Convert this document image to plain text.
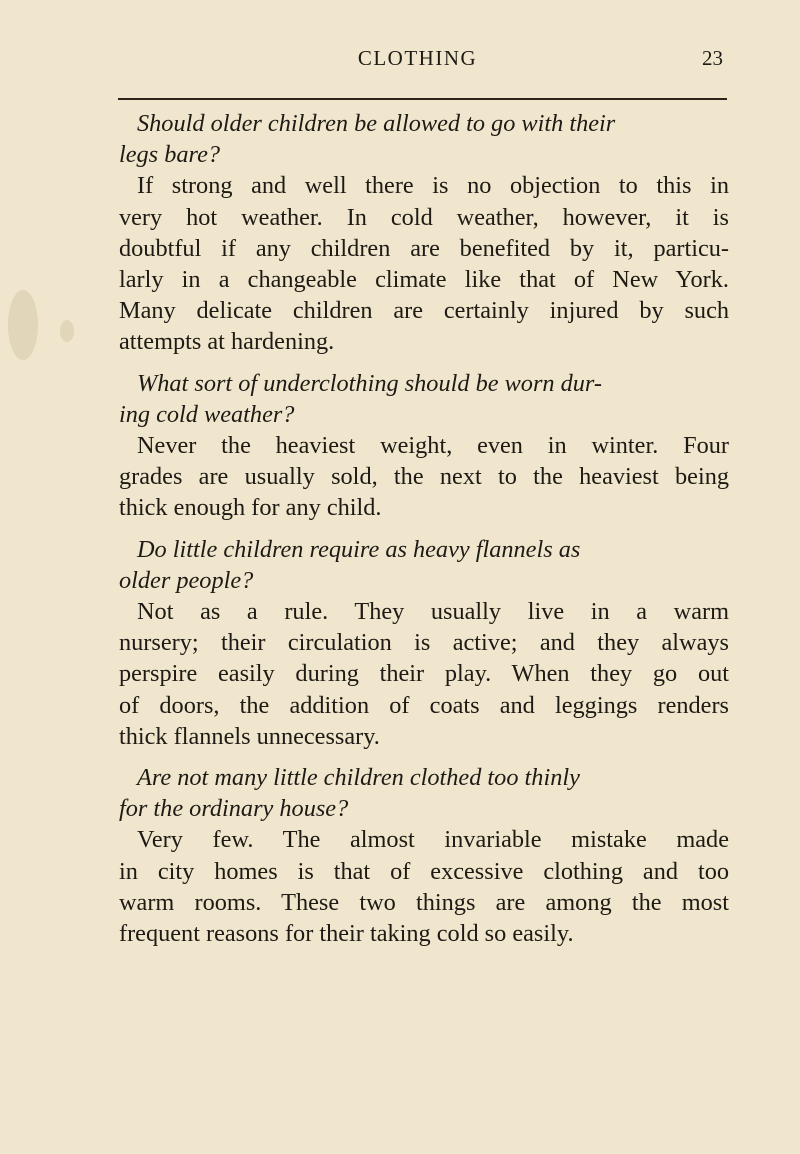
CLOTHING	23

Should older children be allowed to go with their
legs bare?

If strong and well there is no objection to this in
very hot weather. In cold weather, however, it is
doubtful if any children are benefited by it, particu-
larly in a changeable climate like that of New York.
Many delicate children are certainly injured by such
attempts at hardening.

What sort of underclothing should be worn dur-
ing cold weather?

Never the heaviest weight, even in winter. Four
grades are usually sold, the next to the heaviest being
thick enough for any child.

Do little children require as heavy flannels as
older people?

Not as a rule. They usually live in a warm
nursery; their circulation is active; and they always
perspire easily during their play. When they go out
of doors, the addition of coats and leggings renders
thick flannels unnecessary.

Are not many little children clothed too thinly
for the ordinary house?

Very few. The almost invariable mistake made
in city homes is that of excessive clothing and too
warm rooms. These two things are among the most
frequent reasons for their taking cold so easily.
